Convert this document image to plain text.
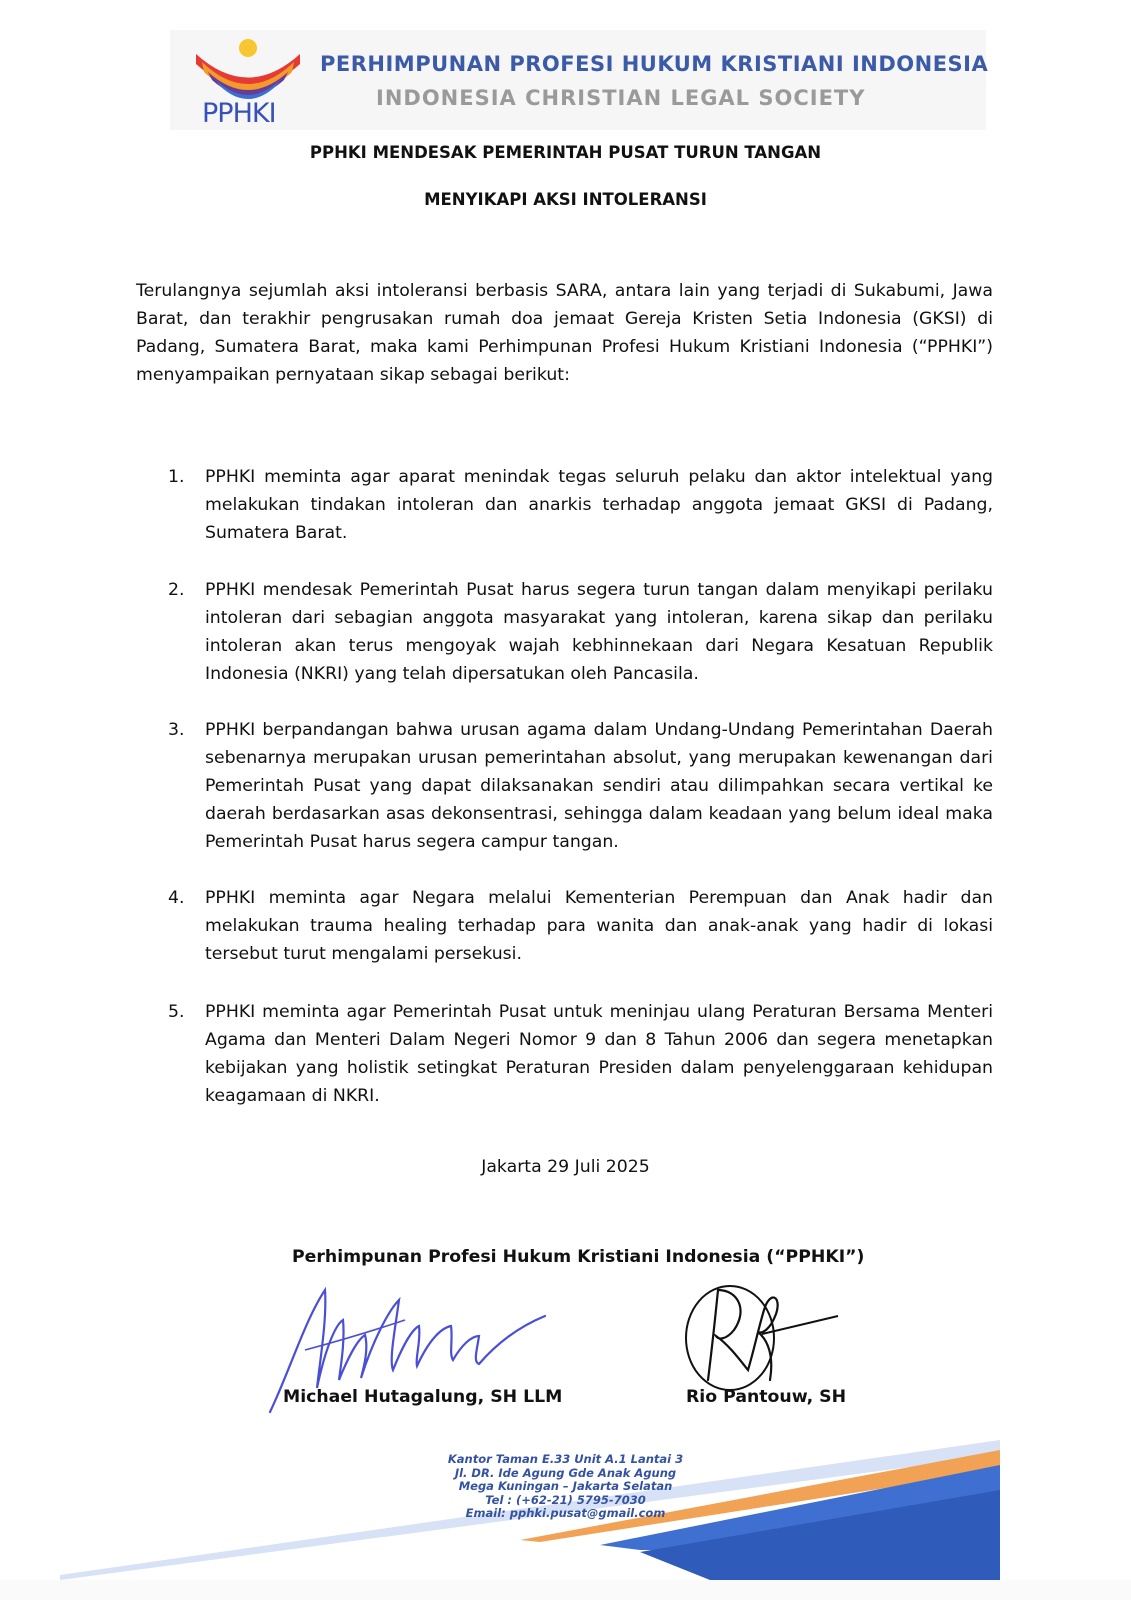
PPHKI
PERHIMPUNAN PROFESI HUKUM KRISTIANI INDONESIA
INDONESIA CHRISTIAN LEGAL SOCIETY
PPHKI MENDESAK PEMERINTAH PUSAT TURUN TANGAN
MENYIKAPI AKSI INTOLERANSI
Terulangnya sejumlah aksi intoleransi berbasis SARA, antara lain yang terjadi di Sukabumi, Jawa Barat, dan terakhir pengrusakan rumah doa jemaat Gereja Kristen Setia Indonesia (GKSI) di Padang, Sumatera Barat, maka kami Perhimpunan Profesi Hukum Kristiani Indonesia (“PPHKI”) menyampaikan pernyataan sikap sebagai berikut:
1. PPHKI meminta agar aparat menindak tegas seluruh pelaku dan aktor intelektual yang melakukan tindakan intoleran dan anarkis terhadap anggota jemaat GKSI di Padang, Sumatera Barat.
2. PPHKI mendesak Pemerintah Pusat harus segera turun tangan dalam menyikapi perilaku intoleran dari sebagian anggota masyarakat yang intoleran, karena sikap dan perilaku intoleran akan terus mengoyak wajah kebhinnekaan dari Negara Kesatuan Republik Indonesia (NKRI) yang telah dipersatukan oleh Pancasila.
3. PPHKI berpandangan bahwa urusan agama dalam Undang-Undang Pemerintahan Daerah sebenarnya merupakan urusan pemerintahan absolut, yang merupakan kewenangan dari Pemerintah Pusat yang dapat dilaksanakan sendiri atau dilimpahkan secara vertikal ke daerah berdasarkan asas dekonsentrasi, sehingga dalam keadaan yang belum ideal maka Pemerintah Pusat harus segera campur tangan.
4. PPHKI meminta agar Negara melalui Kementerian Perempuan dan Anak hadir dan melakukan trauma healing terhadap para wanita dan anak-anak yang hadir di lokasi tersebut turut mengalami persekusi.
5. PPHKI meminta agar Pemerintah Pusat untuk meninjau ulang Peraturan Bersama Menteri Agama dan Menteri Dalam Negeri Nomor 9 dan 8 Tahun 2006 dan segera menetapkan kebijakan yang holistik setingkat Peraturan Presiden dalam penyelenggaraan kehidupan keagamaan di NKRI.
Jakarta 29 Juli 2025
Perhimpunan Profesi Hukum Kristiani Indonesia (“PPHKI”)
Michael Hutagalung, SH LLM	Rio Pantouw, SH
Kantor Taman E.33 Unit A.1 Lantai 3
Jl. DR. Ide Agung Gde Anak Agung
Mega Kuningan – Jakarta Selatan
Tel : (+62-21) 5795-7030
Email: pphki.pusat@gmail.com
